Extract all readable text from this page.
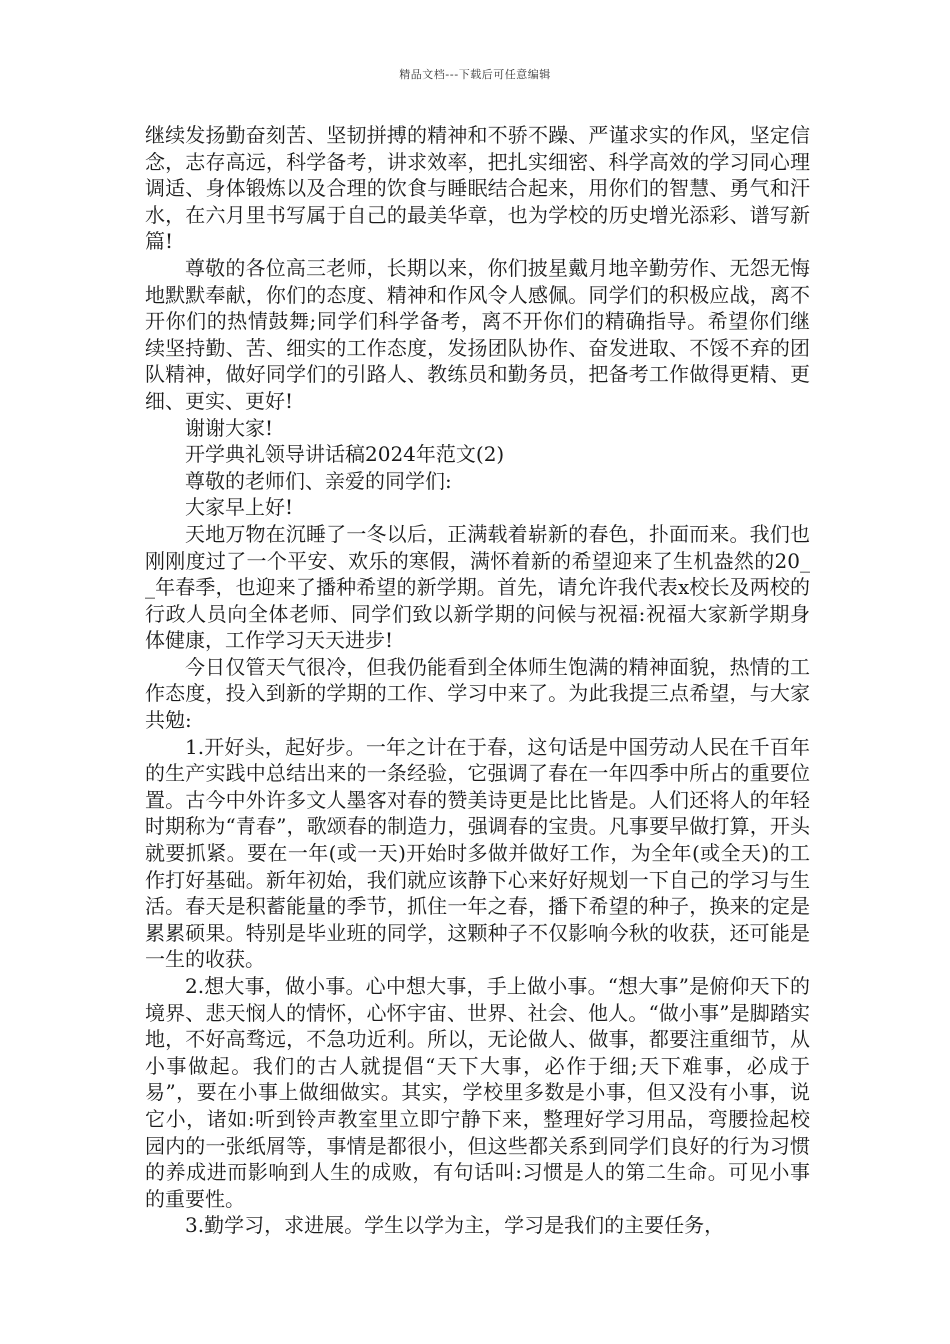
精品文档---下载后可任意编辑

继续发扬勤奋刻苦、坚韧拼搏的精神和不骄不躁、严谨求实的作风，坚定信念，志存高远，科学备考，讲求效率，把扎实细密、科学高效的学习同心理调适、身体锻炼以及合理的饮食与睡眠结合起来，用你们的智慧、勇气和汗水，在六月里书写属于自己的最美华章，也为学校的历史增光添彩、谱写新篇!

尊敬的各位高三老师，长期以来，你们披星戴月地辛勤劳作、无怨无悔地默默奉献，你们的态度、精神和作风令人感佩。同学们的积极应战，离不开你们的热情鼓舞;同学们科学备考，离不开你们的精确指导。希望你们继续坚持勤、苦、细实的工作态度，发扬团队协作、奋发进取、不馁不弃的团队精神，做好同学们的引路人、教练员和勤务员，把备考工作做得更精、更细、更实、更好!

谢谢大家!

开学典礼领导讲话稿2024年范文(2)

尊敬的老师们、亲爱的同学们:

大家早上好!

天地万物在沉睡了一冬以后，正满载着崭新的春色，扑面而来。我们也刚刚度过了一个平安、欢乐的寒假，满怀着新的希望迎来了生机盎然的20__年春季，也迎来了播种希望的新学期。首先，请允许我代表x校长及两校的行政人员向全体老师、同学们致以新学期的问候与祝福:祝福大家新学期身体健康，工作学习天天进步!

今日仅管天气很冷，但我仍能看到全体师生饱满的精神面貌，热情的工作态度，投入到新的学期的工作、学习中来了。为此我提三点希望，与大家共勉:

1.开好头，起好步。一年之计在于春，这句话是中国劳动人民在千百年的生产实践中总结出来的一条经验，它强调了春在一年四季中所占的重要位置。古今中外许多文人墨客对春的赞美诗更是比比皆是。人们还将人的年轻时期称为“青春”，歌颂春的制造力，强调春的宝贵。凡事要早做打算，开头就要抓紧。要在一年(或一天)开始时多做并做好工作，为全年(或全天)的工作打好基础。新年初始，我们就应该静下心来好好规划一下自己的学习与生活。春天是积蓄能量的季节，抓住一年之春，播下希望的种子，换来的定是累累硕果。特别是毕业班的同学，这颗种子不仅影响今秋的收获，还可能是一生的收获。

2.想大事，做小事。心中想大事，手上做小事。“想大事”是俯仰天下的境界、悲天悯人的情怀，心怀宇宙、世界、社会、他人。“做小事”是脚踏实地，不好高骛远，不急功近利。所以，无论做人、做事，都要注重细节，从小事做起。我们的古人就提倡“天下大事，必作于细;天下难事，必成于易”，要在小事上做细做实。其实，学校里多数是小事，但又没有小事，说它小，诸如:听到铃声教室里立即宁静下来，整理好学习用品，弯腰捡起校园内的一张纸屑等，事情是都很小，但这些都关系到同学们良好的行为习惯的养成进而影响到人生的成败，有句话叫:习惯是人的第二生命。可见小事的重要性。

3.勤学习，求进展。学生以学为主，学习是我们的主要任务，
